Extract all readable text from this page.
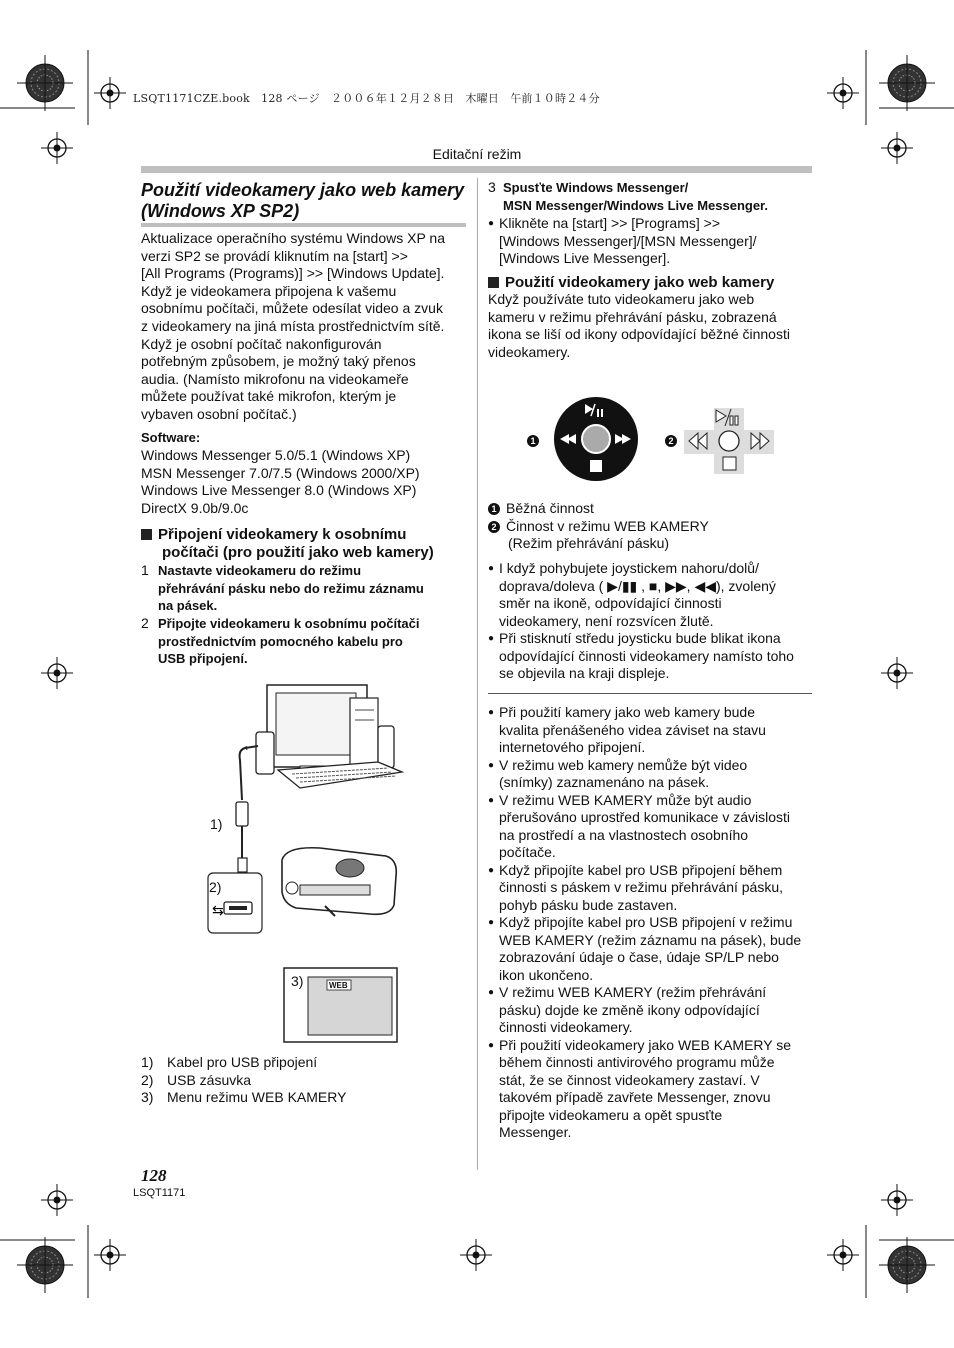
LSQT1171CZE.book　128 ページ　２００６年１２月２８日　木曜日　午前１０時２４分
Editační režim
Použití videokamery jako web kamery (Windows XP SP2)
Aktualizace operačního systému Windows XP na
verzi SP2 se provádí kliknutím na [start] >>
[All Programs (Programs)] >> [Windows Update].
Když je videokamera připojena k vašemu
osobnímu počítači, můžete odesílat video a zvuk
z videokamery na jiná místa prostřednictvím sítě.
Když je osobní počítač nakonfigurován
potřebným způsobem, je možný taký přenos
audia. (Namísto mikrofonu na videokameře
můžete používat také mikrofon, kterým je
vybaven osobní počítač.)
Software:
Windows Messenger 5.0/5.1 (Windows XP)
MSN Messenger 7.0/7.5 (Windows 2000/XP)
Windows Live Messenger 8.0 (Windows XP)
DirectX 9.0b/9.0c
Připojení videokamery k osobnímu
počítači (pro použití jako web kamery)
1 Nastavte videokameru do režimu
přehrávání pásku nebo do režimu záznamu
na pásek.
2 Připojte videokameru k osobnímu počítači
prostřednictvím pomocného kabelu pro
USB připojení.
⇆
1)
2)
3)	WEB
1) Kabel pro USB připojení
2) USB zásuvka
3) Menu režimu WEB KAMERY
3 Spusťte Windows Messenger/
MSN Messenger/Windows Live Messenger.
● Klikněte na [start] >> [Programs] >>
[Windows Messenger]/[MSN Messenger]/
[Windows Live Messenger].
Použití videokamery jako web kamery
Když používáte tuto videokameru jako web
kameru v režimu přehrávání pásku, zobrazená
ikona se liší od ikony odpovídající běžné činnosti
videokamery.
1	2
1 Běžná činnost
2 Činnost v režimu WEB KAMERY
(Režim přehrávání pásku)
● I když pohybujete joystickem nahoru/dolů/
doprava/doleva ( ▶/▮▮ , ■, ▶▶, ◀◀), zvolený
směr na ikoně, odpovídající činnosti
videokamery, není rozsvícen žlutě.
● Při stisknutí středu joysticku bude blikat ikona
odpovídající činnosti videokamery namísto toho
se objevila na kraji displeje.
● Při použití kamery jako web kamery bude
kvalita přenášeného videa záviset na stavu
internetového připojení.
● V režimu web kamery nemůže být video
(snímky) zaznamenáno na pásek.
● V režimu WEB KAMERY může být audio
přerušováno uprostřed komunikace v závislosti
na prostředí a na vlastnostech osobního
počítače.
● Když připojíte kabel pro USB připojení během
činnosti s páskem v režimu přehrávání pásku,
pohyb pásku bude zastaven.
● Když připojíte kabel pro USB připojení v režimu
WEB KAMERY (režim záznamu na pásek), bude
zobrazování údaje o čase, údaje SP/LP nebo
ikon ukončeno.
● V režimu WEB KAMERY (režim přehrávání
pásku) dojde ke změně ikony odpovídající
činnosti videokamery.
● Při použití videokamery jako WEB KAMERY se
během činnosti antivirového programu může
stát, že se činnost videokamery zastaví. V
takovém případě zavřete Messenger, znovu
připojte videokameru a opět spusťte
Messenger.
128
LSQT1171
